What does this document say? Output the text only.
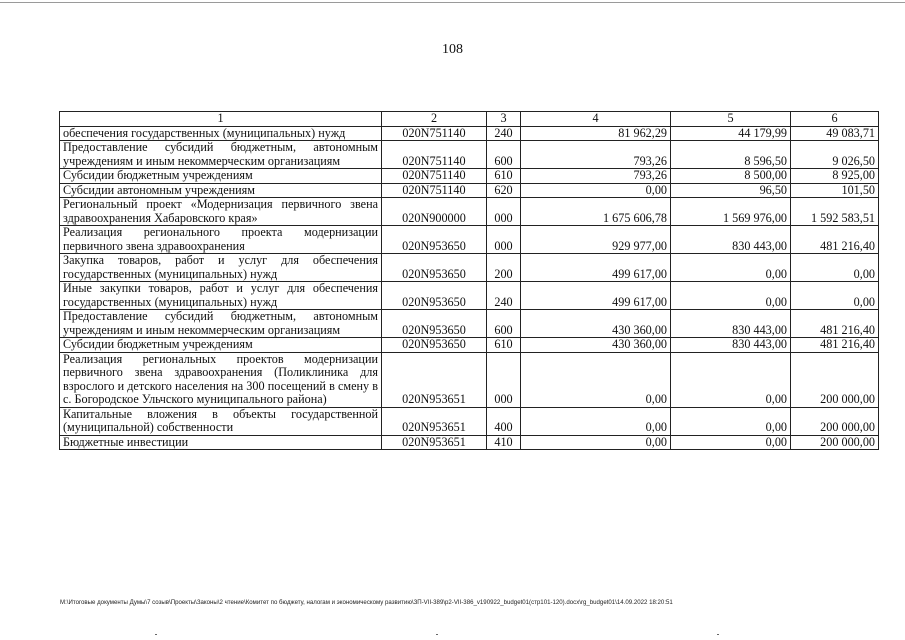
108
1	2	3	4	5	6
обеспечения государственных (муниципальных) нужд	020N751140	240	81 962,29	44 179,99	49 083,71
Предоставление субсидий бюджетным, автономным учреждениям и иным некоммерческим организациям	020N751140	600	793,26	8 596,50	9 026,50
Субсидии бюджетным учреждениям	020N751140	610	793,26	8 500,00	8 925,00
Субсидии автономным учреждениям	020N751140	620	0,00	96,50	101,50
Региональный проект «Модернизация первичного звена здравоохранения Хабаровского края»	020N900000	000	1 675 606,78	1 569 976,00	1 592 583,51
Реализация регионального проекта модернизации первичного звена здравоохранения	020N953650	000	929 977,00	830 443,00	481 216,40
Закупка товаров, работ и услуг для обеспечения государственных (муниципальных) нужд	020N953650	200	499 617,00	0,00	0,00
Иные закупки товаров, работ и услуг для обеспечения государственных (муниципальных) нужд	020N953650	240	499 617,00	0,00	0,00
Предоставление субсидий бюджетным, автономным учреждениям и иным некоммерческим организациям	020N953650	600	430 360,00	830 443,00	481 216,40
Субсидии бюджетным учреждениям	020N953650	610	430 360,00	830 443,00	481 216,40
Реализация региональных проектов модернизации первичного звена здравоохранения (Поликлиника для взрослого и детского населения на 300 посещений в смену в с. Богородское Ульчского муниципального района)	020N953651	000	0,00	0,00	200 000,00
Капитальные вложения в объекты государственной (муниципальной) собственности	020N953651	400	0,00	0,00	200 000,00
Бюджетные инвестиции	020N953651	410	0,00	0,00	200 000,00
M:\Итоговые документы Думы\7 созыв\Проекты\Законы\2 чтение\Комитет по бюджету, налогам и экономическому развитию\ЗП-VII-389\р2-VII-386_v190922_budget01(стр101-120).docx\rg_budget01\14.09.2022 18:20:51
